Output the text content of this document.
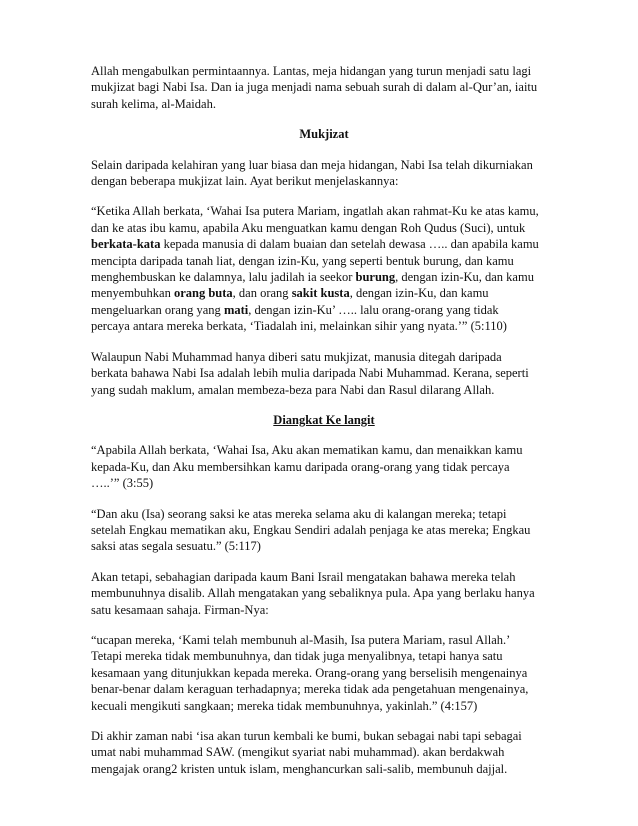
Allah mengabulkan permintaannya. Lantas, meja hidangan yang turun menjadi satu lagi
mukjizat bagi Nabi Isa. Dan ia juga menjadi nama sebuah surah di dalam al-Qur’an, iaitu
surah kelima, al-Maidah.

Mukjizat

Selain daripada kelahiran yang luar biasa dan meja hidangan, Nabi Isa telah dikurniakan
dengan beberapa mukjizat lain. Ayat berikut menjelaskannya:

“Ketika Allah berkata, ‘Wahai Isa putera Mariam, ingatlah akan rahmat-Ku ke atas kamu,
dan ke atas ibu kamu, apabila Aku menguatkan kamu dengan Roh Qudus (Suci), untuk
berkata-kata kepada manusia di dalam buaian dan setelah dewasa ….. dan apabila kamu
mencipta daripada tanah liat, dengan izin-Ku, yang seperti bentuk burung, dan kamu
menghembuskan ke dalamnya, lalu jadilah ia seekor burung, dengan izin-Ku, dan kamu
menyembuhkan orang buta, dan orang sakit kusta, dengan izin-Ku, dan kamu
mengeluarkan orang yang mati, dengan izin-Ku’ ….. lalu orang-orang yang tidak
percaya antara mereka berkata, ‘Tiadalah ini, melainkan sihir yang nyata.’” (5:110)

Walaupun Nabi Muhammad hanya diberi satu mukjizat, manusia ditegah daripada
berkata bahawa Nabi Isa adalah lebih mulia daripada Nabi Muhammad. Kerana, seperti
yang sudah maklum, amalan membeza-beza para Nabi dan Rasul dilarang Allah.

Diangkat Ke langit

“Apabila Allah berkata, ‘Wahai Isa, Aku akan mematikan kamu, dan menaikkan kamu
kepada-Ku, dan Aku membersihkan kamu daripada orang-orang yang tidak percaya
…..’” (3:55)

“Dan aku (Isa) seorang saksi ke atas mereka selama aku di kalangan mereka; tetapi
setelah Engkau mematikan aku, Engkau Sendiri adalah penjaga ke atas mereka; Engkau
saksi atas segala sesuatu.” (5:117)

Akan tetapi, sebahagian daripada kaum Bani Israil mengatakan bahawa mereka telah
membunuhnya disalib. Allah mengatakan yang sebaliknya pula. Apa yang berlaku hanya
satu kesamaan sahaja. Firman-Nya:

“ucapan mereka, ‘Kami telah membunuh al-Masih, Isa putera Mariam, rasul Allah.’
Tetapi mereka tidak membunuhnya, dan tidak juga menyalibnya, tetapi hanya satu
kesamaan yang ditunjukkan kepada mereka. Orang-orang yang berselisih mengenainya
benar-benar dalam keraguan terhadapnya; mereka tidak ada pengetahuan mengenainya,
kecuali mengikuti sangkaan; mereka tidak membunuhnya, yakinlah.” (4:157)

Di akhir zaman nabi ‘isa akan turun kembali ke bumi, bukan sebagai nabi tapi sebagai
umat nabi muhammad SAW. (mengikut syariat nabi muhammad). akan berdakwah
mengajak orang2 kristen untuk islam, menghancurkan sali-salib, membunuh dajjal.
